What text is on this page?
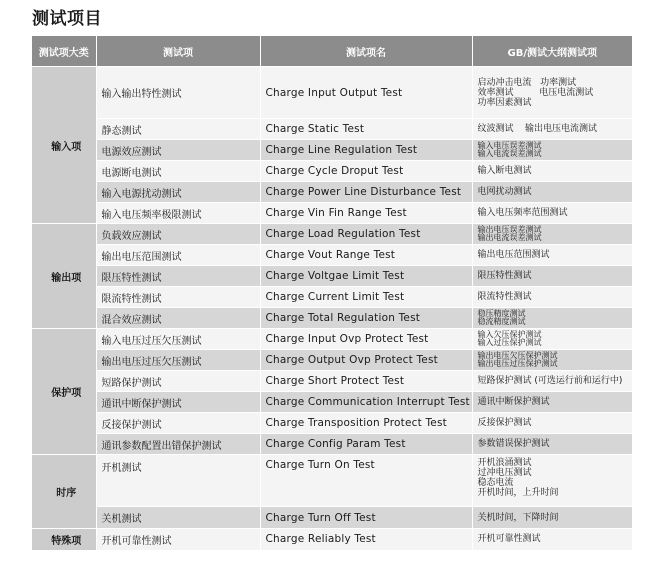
测试项目
测试项大类	测试项	测试项名	GB/测试大纲测试项
输入项	输入输出特性测试	Charge Input Output Test	启动冲击电流   功率测试
效率测试         电压电流测试
功率因素测试

	静态测试	Charge Static Test	纹波测试    输出电压电流测试

	电源效应测试	Charge Line Regulation Test	输入电压误差测试
输入电流误差测试

	电源断电测试	Charge Cycle Droput Test	输入断电测试

	输入电源扰动测试	Charge Power Line Disturbance Test	电网扰动测试

	输入电压频率极限测试	Charge Vin Fin Range Test	输入电压频率范围测试

输出项	负载效应测试	Charge Load Regulation Test	输出电压误差测试
输出电流误差测试

	输出电压范围测试	Charge Vout Range Test	输出电压范围测试

	限压特性测试	Charge Voltgae Limit Test	限压特性测试

	限流特性测试	Charge Current Limit Test	限流特性测试

	混合效应测试	Charge Total Regulation Test	稳压精度测试
稳流精度测试

保护项	输入电压过压欠压测试	Charge Input Ovp Protect Test	输入欠压保护测试
输入过压保护测试

	输出电压过压欠压测试	Charge Output Ovp Protect Test	输出电压欠压保护测试
输出电压过压保护测试

	短路保护测试	Charge Short Protect Test	短路保护测试 (可选运行前和运行中)

	通讯中断保护测试	Charge Communication Interrupt Test	通讯中断保护测试

	反接保护测试	Charge Transposition Protect Test	反接保护测试

	通讯参数配置出错保护测试	Charge Config Param Test	参数错误保护测试

时序	开机测试	Charge Turn On Test	开机浪涌测试
过冲电压测试
稳态电流
开机时间，上升时间

	关机测试	Charge Turn Off Test	关机时间，下降时间

特殊项	开机可靠性测试	Charge Reliably Test	开机可靠性测试
